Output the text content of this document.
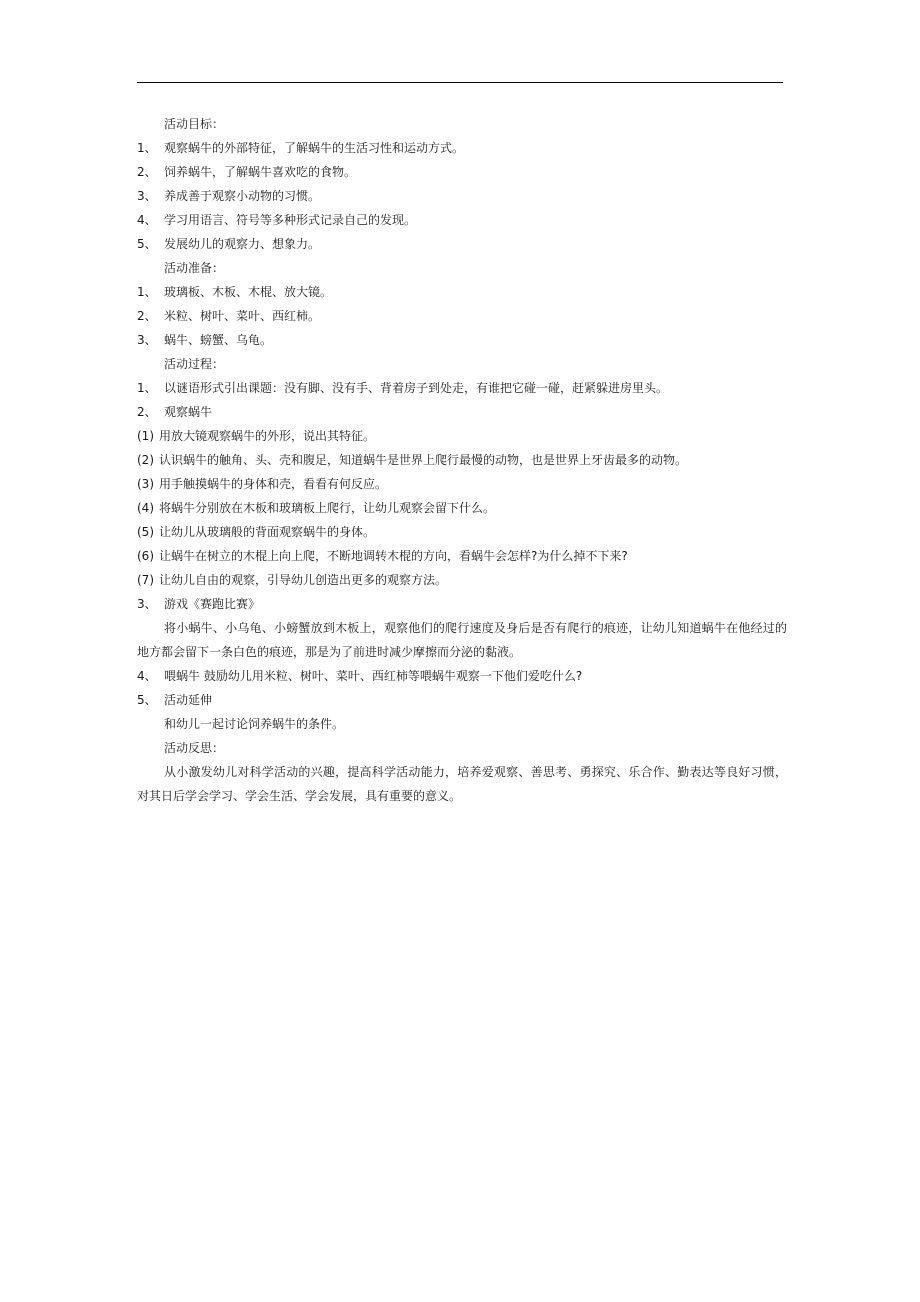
活动目标：
1、 观察蜗牛的外部特征，了解蜗牛的生活习性和运动方式。
2、 饲养蜗牛，了解蜗牛喜欢吃的食物。
3、 养成善于观察小动物的习惯。
4、 学习用语言、符号等多种形式记录自己的发现。
5、 发展幼儿的观察力、想象力。
活动准备：
1、 玻璃板、木板、木棍、放大镜。
2、 米粒、树叶、菜叶、西红柿。
3、 蜗牛、螃蟹、乌龟。
活动过程：
1、 以谜语形式引出课题：没有脚、没有手、背着房子到处走，有谁把它碰一碰，赶紧躲进房里头。
2、 观察蜗牛
(1) 用放大镜观察蜗牛的外形，说出其特征。
(2) 认识蜗牛的触角、头、壳和腹足，知道蜗牛是世界上爬行最慢的动物，也是世界上牙齿最多的动物。
(3) 用手触摸蜗牛的身体和壳，看看有何反应。
(4) 将蜗牛分别放在木板和玻璃板上爬行，让幼儿观察会留下什么。
(5) 让幼儿从玻璃般的背面观察蜗牛的身体。
(6) 让蜗牛在树立的木棍上向上爬，不断地调转木棍的方向，看蜗牛会怎样?为什么掉不下来?
(7) 让幼儿自由的观察，引导幼儿创造出更多的观察方法。
3、 游戏《赛跑比赛》
将小蜗牛、小乌龟、小螃蟹放到木板上，观察他们的爬行速度及身后是否有爬行的痕迹，让幼儿知道蜗牛在他经过的地方都会留下一条白色的痕迹，那是为了前进时减少摩擦而分泌的黏液。
4、 喂蜗牛 鼓励幼儿用米粒、树叶、菜叶、西红柿等喂蜗牛观察一下他们爱吃什么?
5、 活动延伸
和幼儿一起讨论饲养蜗牛的条件。
活动反思：
从小激发幼儿对科学活动的兴趣，提高科学活动能力，培养爱观察、善思考、勇探究、乐合作、勤表达等良好习惯，对其日后学会学习、学会生活、学会发展，具有重要的意义。
